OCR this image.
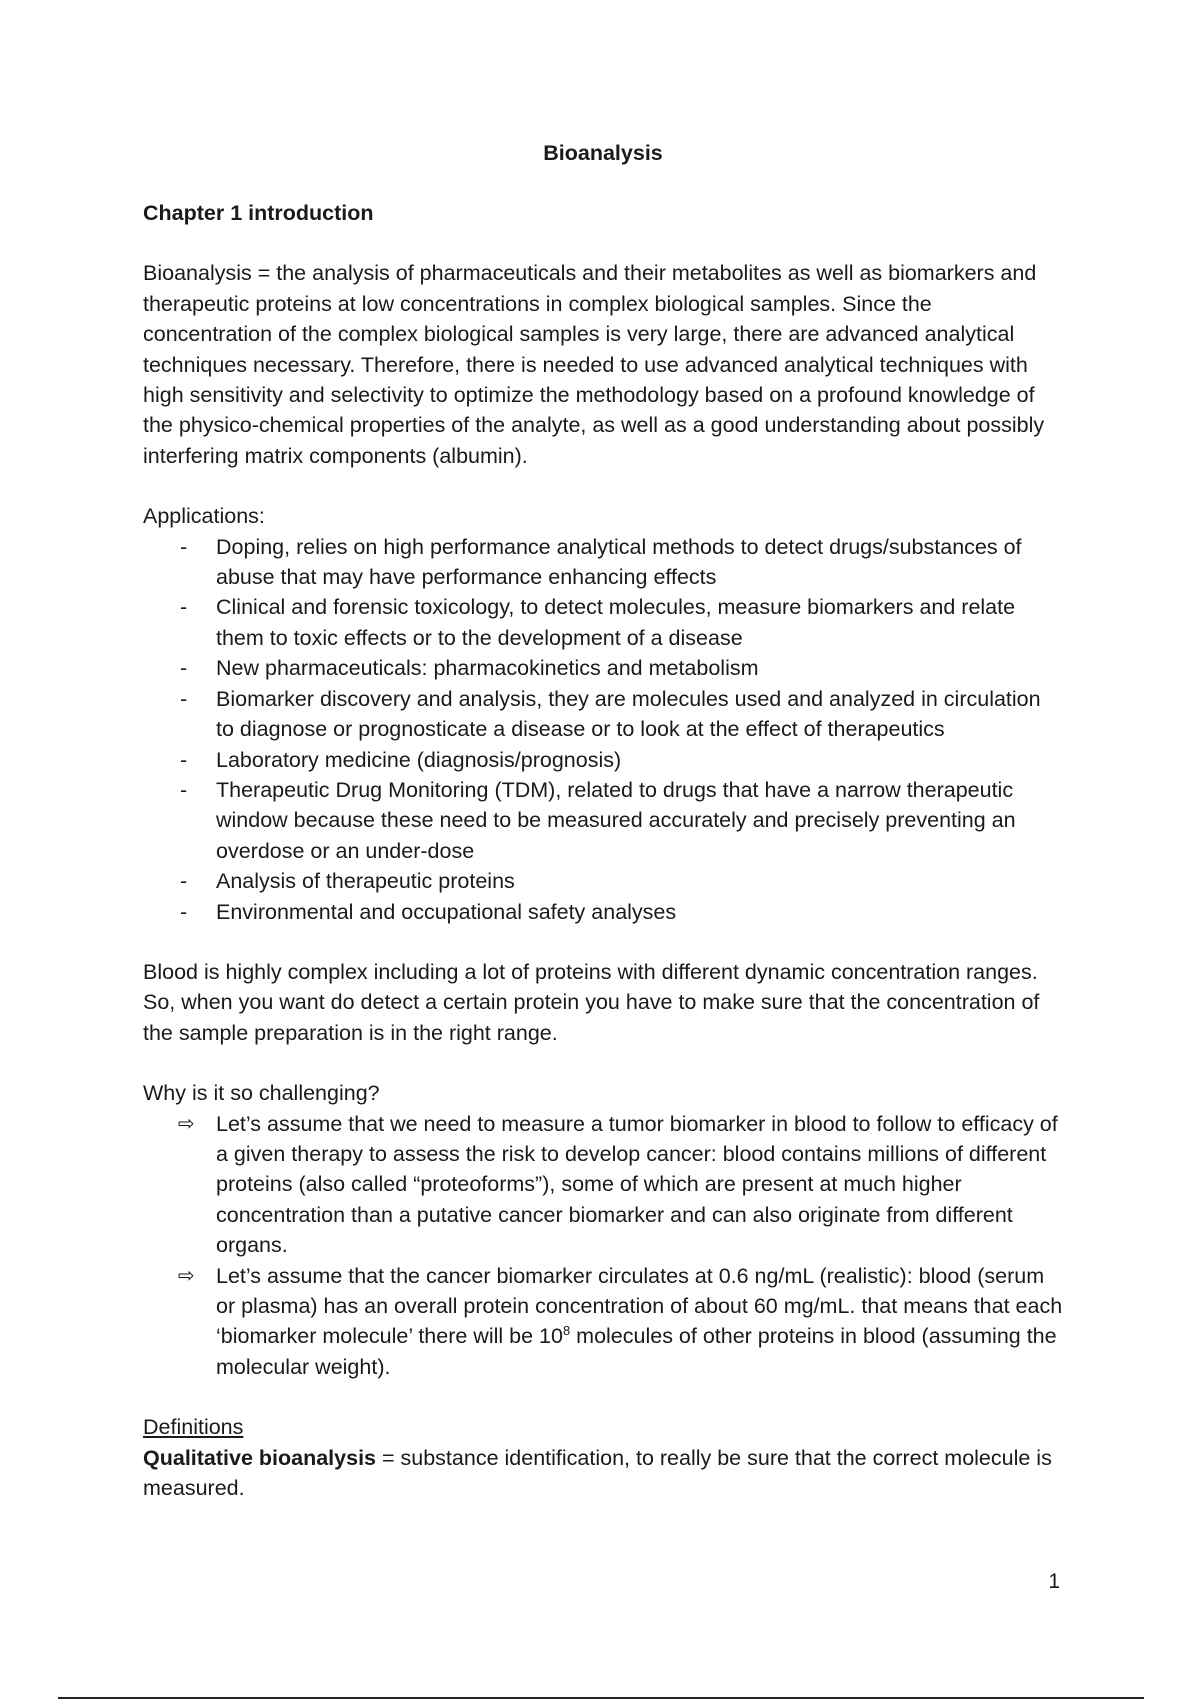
Bioanalysis

Chapter 1 introduction

Bioanalysis = the analysis of pharmaceuticals and their metabolites as well as biomarkers and therapeutic proteins at low concentrations in complex biological samples. Since the concentration of the complex biological samples is very large, there are advanced analytical techniques necessary. Therefore, there is needed to use advanced analytical techniques with high sensitivity and selectivity to optimize the methodology based on a profound knowledge of the physico-chemical properties of the analyte, as well as a good understanding about possibly interfering matrix components (albumin).

Applications:

-	Doping, relies on high performance analytical methods to detect drugs/substances of abuse that may have performance enhancing effects
-	Clinical and forensic toxicology, to detect molecules, measure biomarkers and relate them to toxic effects or to the development of a disease
-	New pharmaceuticals: pharmacokinetics and metabolism
-	Biomarker discovery and analysis, they are molecules used and analyzed in circulation to diagnose or prognosticate a disease or to look at the effect of therapeutics
-	Laboratory medicine (diagnosis/prognosis)
-	Therapeutic Drug Monitoring (TDM), related to drugs that have a narrow therapeutic window because these need to be measured accurately and precisely preventing an overdose or an under-dose
-	Analysis of therapeutic proteins
-	Environmental and occupational safety analyses

Blood is highly complex including a lot of proteins with different dynamic concentration ranges. So, when you want do detect a certain protein you have to make sure that the concentration of the sample preparation is in the right range.

Why is it so challenging?

⇨ Let’s assume that we need to measure a tumor biomarker in blood to follow to efficacy of a given therapy to assess the risk to develop cancer: blood contains millions of different proteins (also called “proteoforms”), some of which are present at much higher concentration than a putative cancer biomarker and can also originate from different organs.
⇨ Let’s assume that the cancer biomarker circulates at 0.6 ng/mL (realistic): blood (serum or plasma) has an overall protein concentration of about 60 mg/mL. that means that each ‘biomarker molecule’ there will be $10^8$ molecules of other proteins in blood (assuming the molecular weight).

Definitions

Qualitative bioanalysis = substance identification, to really be sure that the correct molecule is measured.

1
